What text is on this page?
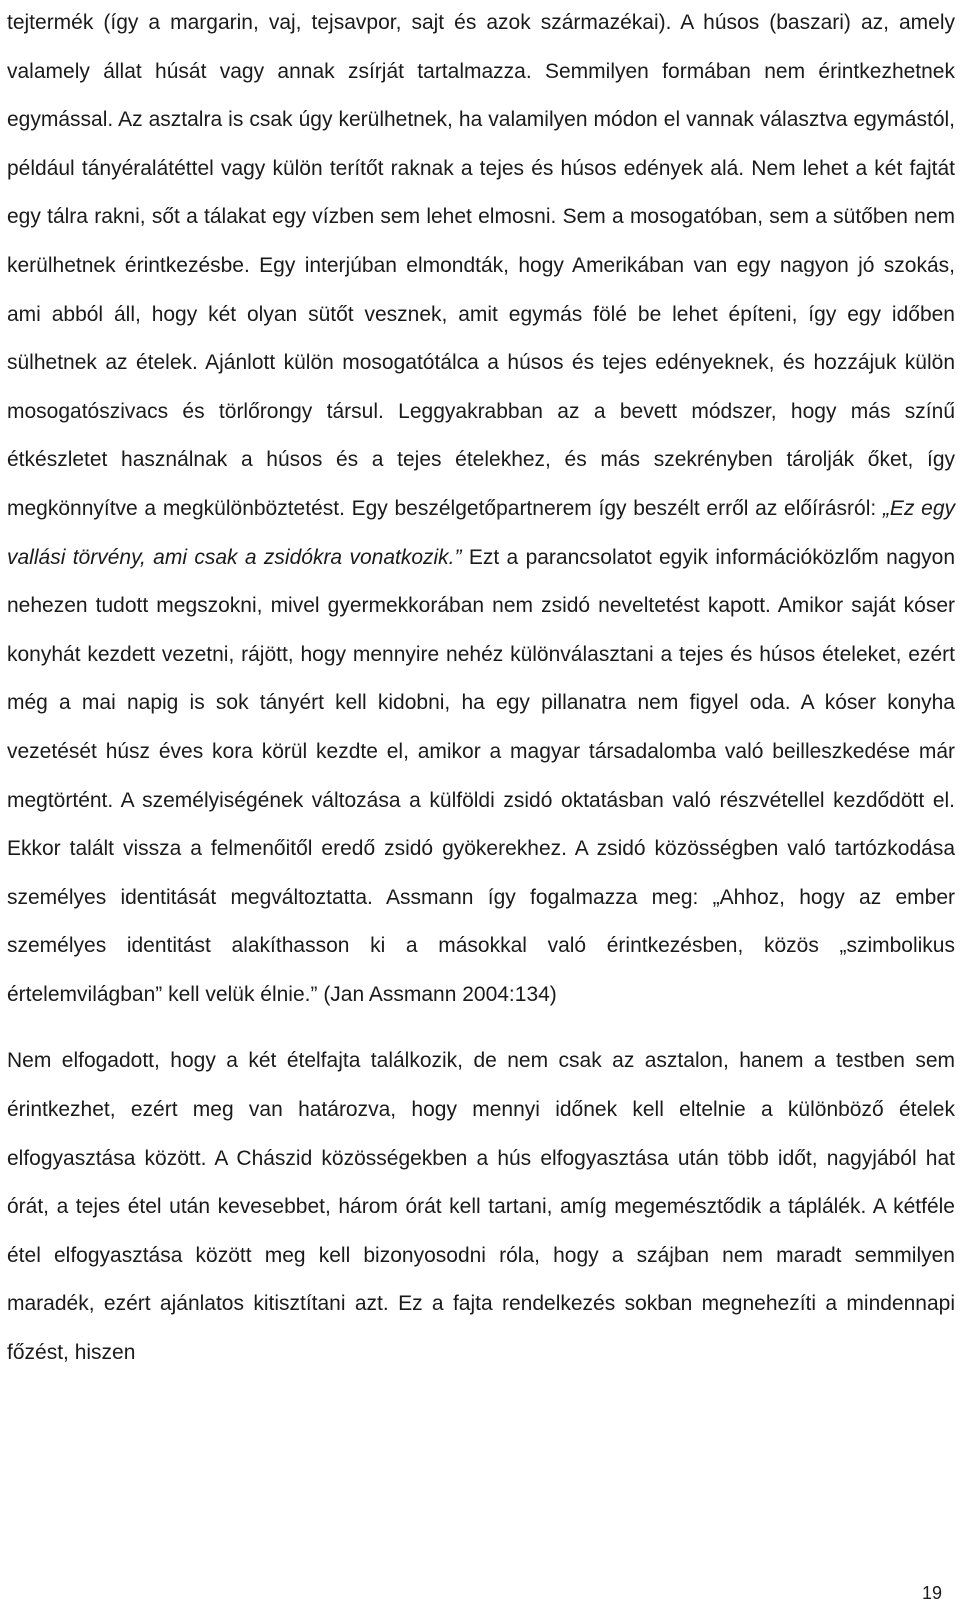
tejtermék (így a margarin, vaj, tejsavpor, sajt és azok származékai). A húsos (baszari) az, amely valamely állat húsát vagy annak zsírját tartalmazza. Semmilyen formában nem érintkezhetnek egymással. Az asztalra is csak úgy kerülhetnek, ha valamilyen módon el vannak választva egymástól, például tányéralátéttel vagy külön terítőt raknak a tejes és húsos edények alá. Nem lehet a két fajtát egy tálra rakni, sőt a tálakat egy vízben sem lehet elmosni. Sem a mosogatóban, sem a sütőben nem kerülhetnek érintkezésbe. Egy interjúban elmondták, hogy Amerikában van egy nagyon jó szokás, ami abból áll, hogy két olyan sütőt vesznek, amit egymás fölé be lehet építeni, így egy időben sülhetnek az ételek. Ajánlott külön mosogatótálca a húsos és tejes edényeknek, és hozzájuk külön mosogatószivacs és törlőrongy társul. Leggyakrabban az a bevett módszer, hogy más színű étkészletet használnak a húsos és a tejes ételekhez, és más szekrényben tárolják őket, így megkönnyítve a megkülönböztetést. Egy beszélgetőpartnerem így beszélt erről az előírásról: „Ez egy vallási törvény, ami csak a zsidókra vonatkozik.” Ezt a parancsolatot egyik információközlőm nagyon nehezen tudott megszokni, mivel gyermekkorában nem zsidó neveltetést kapott. Amikor saját kóser konyhát kezdett vezetni, rájött, hogy mennyire nehéz különválasztani a tejes és húsos ételeket, ezért még a mai napig is sok tányért kell kidobni, ha egy pillanatra nem figyel oda. A kóser konyha vezetését húsz éves kora körül kezdte el, amikor a magyar társadalomba való beilleszkedése már megtörtént. A személyiségének változása a külföldi zsidó oktatásban való részvétellel kezdődött el. Ekkor talált vissza a felmenőitől eredő zsidó gyökerekhez. A zsidó közösségben való tartózkodása személyes identitását megváltoztatta. Assmann így fogalmazza meg: „Ahhoz, hogy az ember személyes identitást alakíthasson ki a másokkal való érintkezésben, közös „szimbolikus értelemvilágban” kell velük élnie.” (Jan Assmann 2004:134)

Nem elfogadott, hogy a két ételfajta találkozik, de nem csak az asztalon, hanem a testben sem érintkezhet, ezért meg van határozva, hogy mennyi időnek kell eltelnie a különböző ételek elfogyasztása között. A Chászid közösségekben a hús elfogyasztása után több időt, nagyjából hat órát, a tejes étel után kevesebbet, három órát kell tartani, amíg megemésztődik a táplálék. A kétféle étel elfogyasztása között meg kell bizonyosodni róla, hogy a szájban nem maradt semmilyen maradék, ezért ajánlatos kitisztítani azt. Ez a fajta rendelkezés sokban megnehezíti a mindennapi főzést, hiszen

19
